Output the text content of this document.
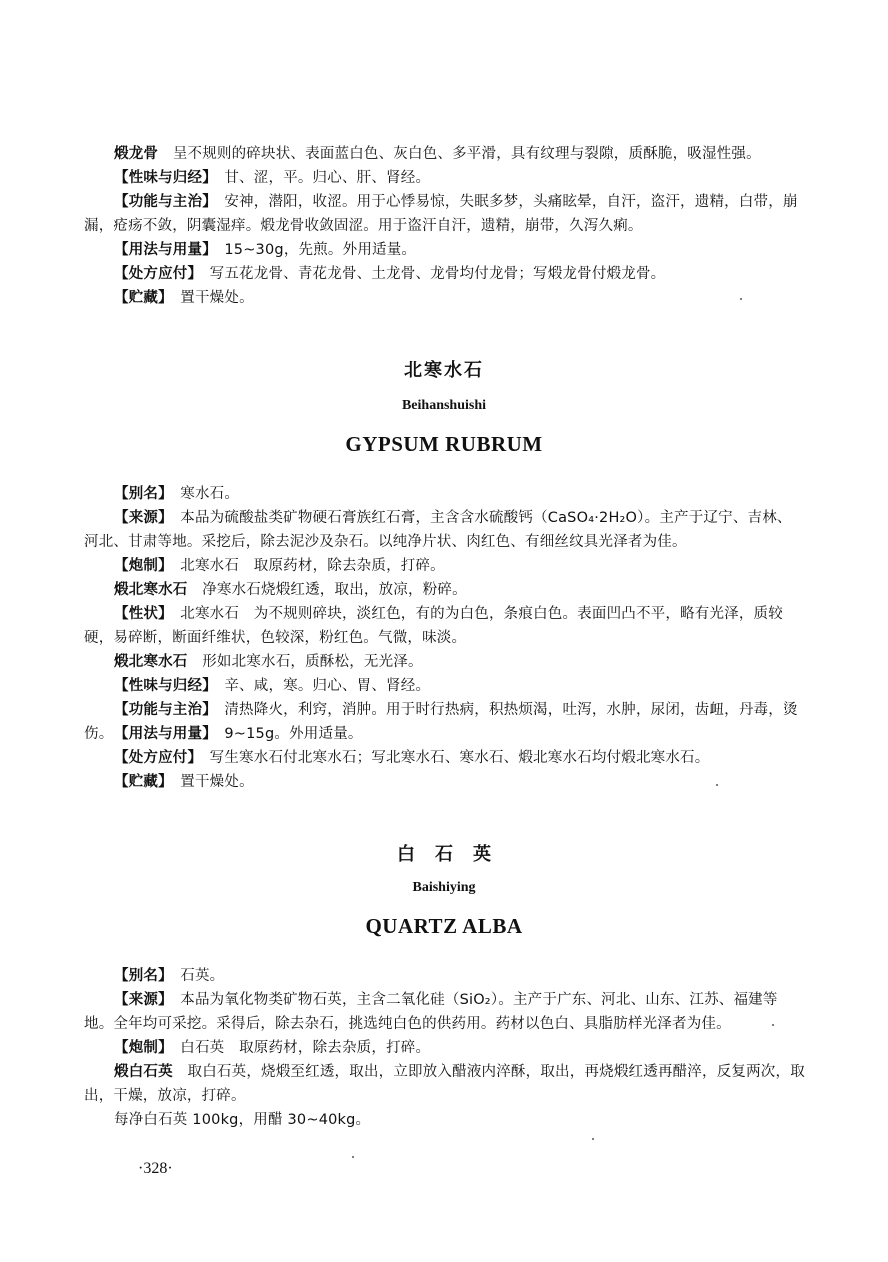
煅龙骨　 呈不规则的碎块状、表面蓝白色、灰白色、多平滑，具有纹理与裂隙，质酥脆，吸湿性强。
【性味与归经】　 甘、涩，平。归心、肝、肾经。
【功能与主治】　 安神，潜阳，收涩。用于心悸易惊，失眠多梦，头痛眩晕，自汗，盗汗，遗精，白带，崩漏，疮疡不敛，阴囊湿痒。煅龙骨收敛固涩。用于盗汗自汗，遗精，崩带，久泻久痢。
【用法与用量】　 15~30g，先煎。外用适量。
【处方应付】　 写五花龙骨、青花龙骨、土龙骨、龙骨均付龙骨；写煅龙骨付煅龙骨。
【贮藏】　 置干燥处。
北寒水石
Beihanshuishi
GYPSUM RUBRUM
【别名】　 寒水石。
【来源】　 本品为硫酸盐类矿物硬石膏族红石膏，主含含水硫酸钙（CaSO₄·2H₂O）。主产于辽宁、吉林、河北、甘肃等地。采挖后，除去泥沙及杂石。以纯净片状、肉红色、有细丝纹具光泽者为佳。
【炮制】　 北寒水石　取原药材，除去杂质，打碎。
煅北寒水石　 净寒水石烧煅红透，取出，放凉，粉碎。
【性状】　 北寒水石　为不规则碎块，淡红色，有的为白色，条痕白色。表面凹凸不平，略有光泽，质较硬，易碎断，断面纤维状，色较深，粉红色。气微，味淡。
煅北寒水石　 形如北寒水石，质酥松，无光泽。
【性味与归经】　 辛、咸，寒。归心、胃、肾经。
【功能与主治】　 清热降火，利窍，消肿。用于时行热病，积热烦渴，吐泻，水肿，尿闭，齿衄，丹毒，烫伤。 【用法与用量】　 9~15g。外用适量。
【处方应付】　 写生寒水石付北寒水石；写北寒水石、寒水石、煅北寒水石均付煅北寒水石。
【贮藏】　 置干燥处。
白石英
Baishiying
QUARTZ ALBA
【别名】　 石英。
【来源】　 本品为氧化物类矿物石英，主含二氧化硅（SiO₂）。主产于广东、河北、山东、江苏、福建等地。全年均可采挖。采得后，除去杂石，挑选纯白色的供药用。药材以色白、具脂肪样光泽者为佳。
【炮制】　 白石英　取原药材，除去杂质，打碎。
煅白石英　 取白石英，烧煅至红透，取出，立即放入醋液内淬酥，取出，再烧煅红透再醋淬，反复两次，取出，干燥，放凉，打碎。
每净白石英 100kg，用醋 30~40kg。
·328·
